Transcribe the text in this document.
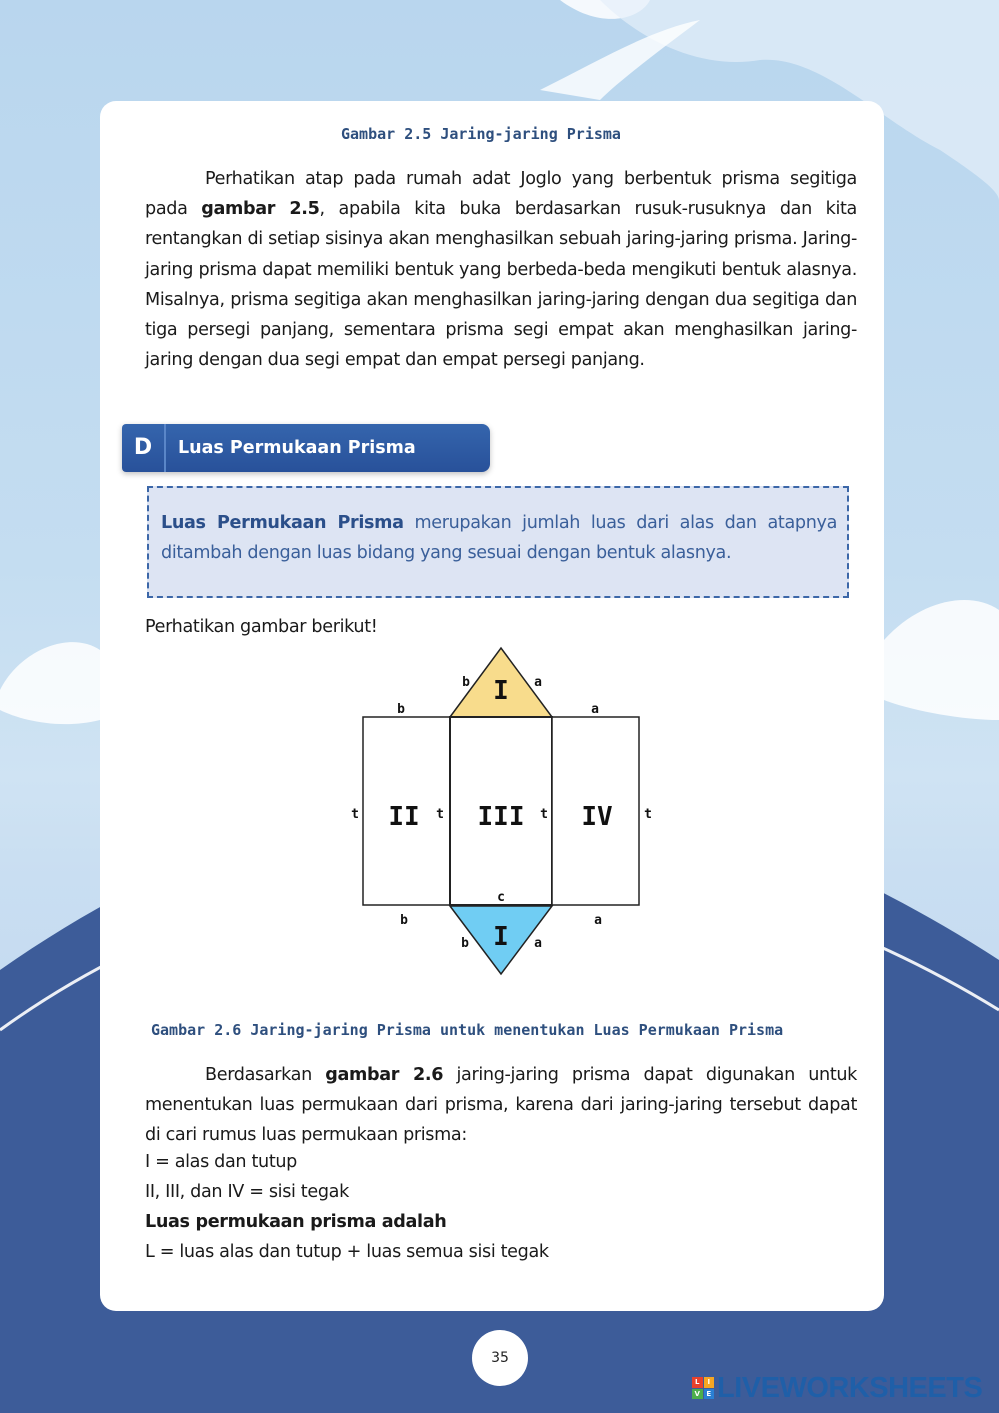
Gambar 2.5 Jaring-jaring Prisma
Perhatikan atap pada rumah adat Joglo yang berbentuk prisma segitiga pada gambar 2.5, apabila kita buka berdasarkan rusuk-rusuknya dan kita rentangkan di setiap sisinya akan menghasilkan sebuah jaring-jaring prisma. Jaring-jaring prisma dapat memiliki bentuk yang berbeda-beda mengikuti bentuk alasnya. Misalnya, prisma segitiga akan menghasilkan jaring-jaring dengan dua segitiga dan tiga persegi panjang, sementara prisma segi empat akan menghasilkan jaring-jaring dengan dua segi empat dan empat persegi panjang.
D	Luas Permukaan Prisma
Luas Permukaan Prisma merupakan jumlah luas dari alas dan atapnya ditambah dengan luas bidang yang sesuai dengan bentuk alasnya.
Perhatikan gambar berikut!
I
b	a
II III IV
b	a
t	t	t	t
b	a
c
I
b	a
Gambar 2.6 Jaring-jaring Prisma untuk menentukan Luas Permukaan Prisma
Berdasarkan gambar 2.6 jaring-jaring prisma dapat digunakan untuk menentukan luas permukaan dari prisma, karena dari jaring-jaring tersebut dapat di cari rumus luas permukaan prisma:
I = alas dan tutup
II, III, dan IV = sisi tegak
Luas permukaan prisma adalah
L = luas alas dan tutup + luas semua sisi tegak
35
L	I
V E LIVEWORKSHEETS
